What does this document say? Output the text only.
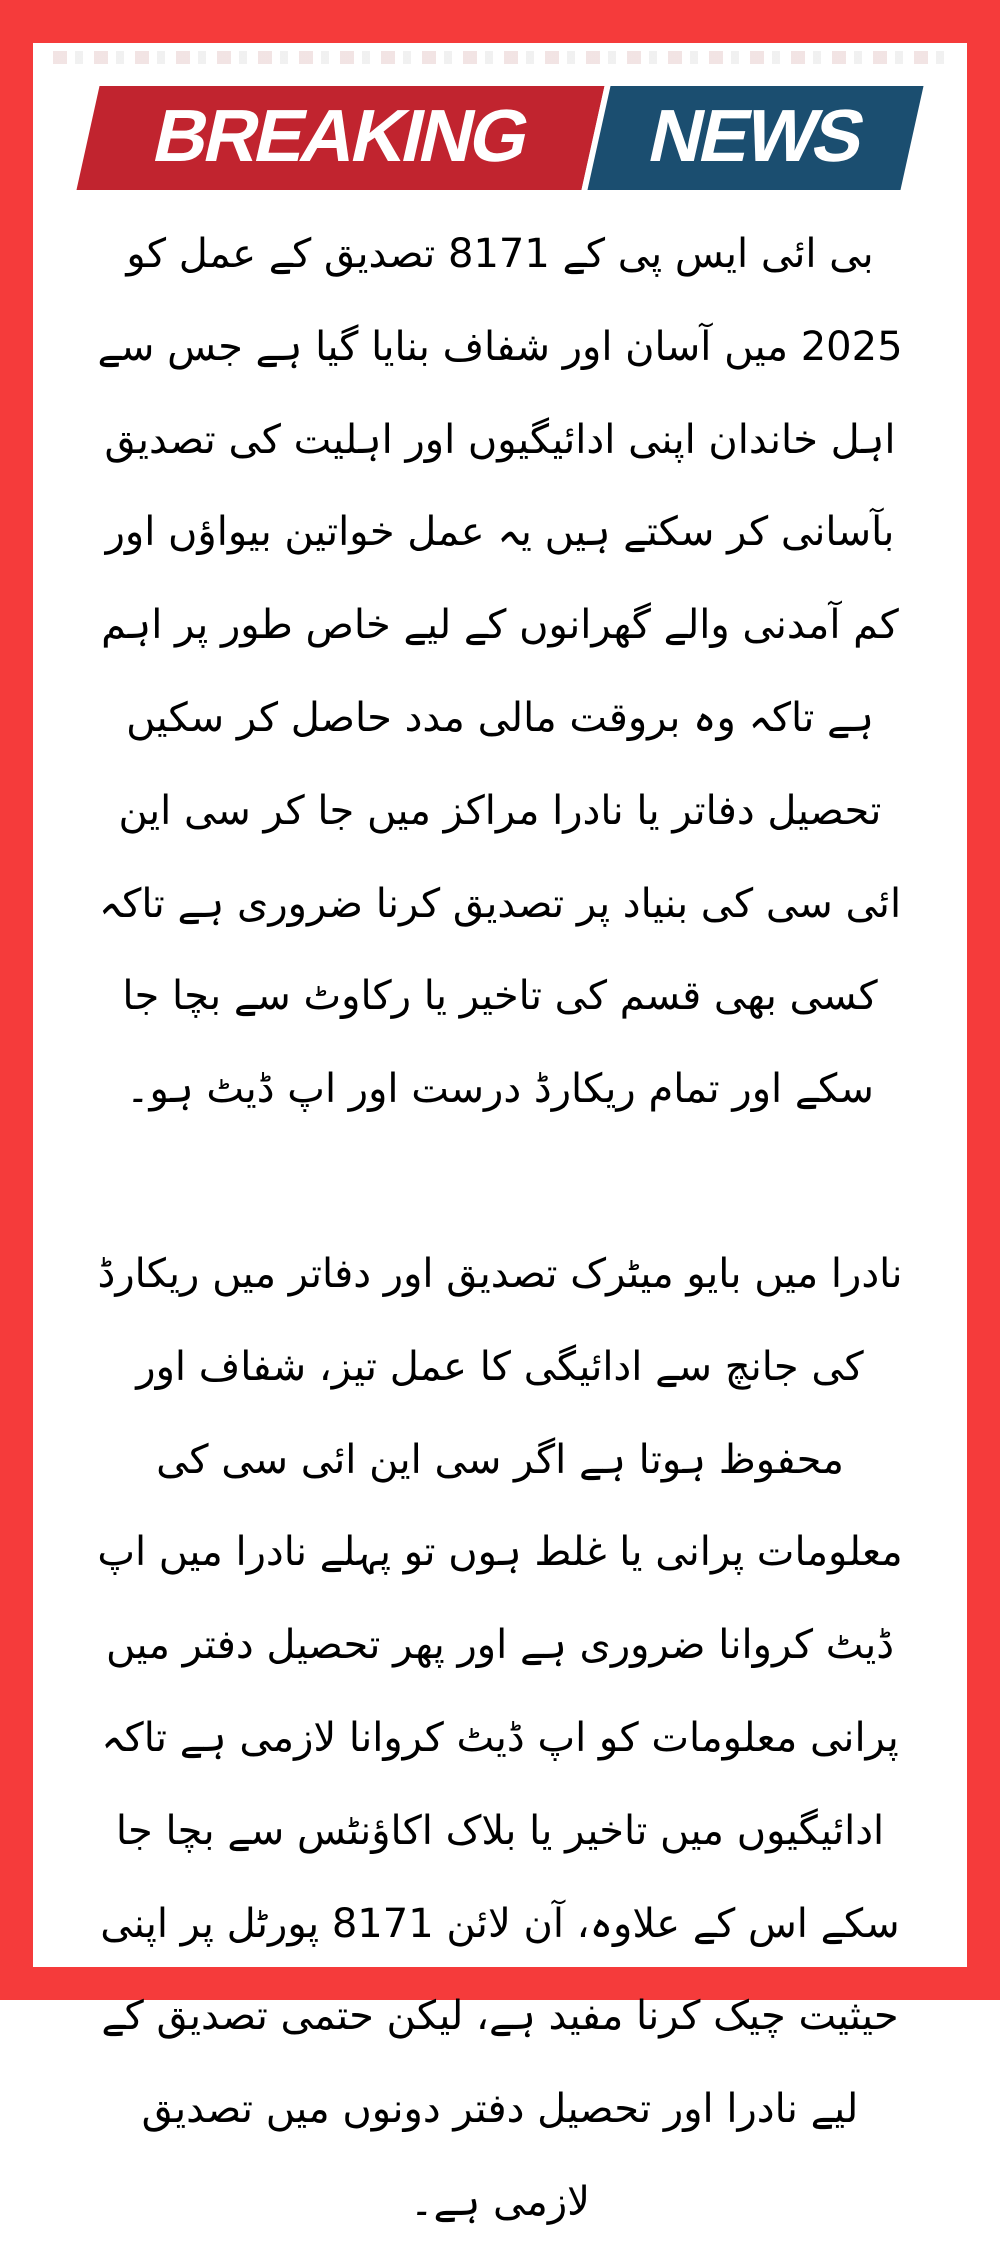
BREAKING NEWS

بی ائی ایس پی کے 8171 تصدیق کے عمل کو 2025 میں آسان اور شفاف بنایا گیا ہے جس سے اہل خاندان اپنی ادائیگیوں اور اہلیت کی تصدیق بآسانی کر سکتے ہیں یہ عمل خواتین بیواؤں اور کم آمدنی والے گھرانوں کے لیے خاص طور پر اہم ہے تاکہ وہ بروقت مالی مدد حاصل کر سکیں تحصیل دفاتر یا نادرا مراکز میں جا کر سی این ائی سی کی بنیاد پر تصدیق کرنا ضروری ہے تاکہ کسی بھی قسم کی تاخیر یا رکاوٹ سے بچا جا سکے اور تمام ریکارڈ درست اور اپ ڈیٹ ہو۔

نادرا میں بایو میٹرک تصدیق اور دفاتر میں ریکارڈ کی جانچ سے ادائیگی کا عمل تیز، شفاف اور محفوظ ہوتا ہے اگر سی این ائی سی کی معلومات پرانی یا غلط ہوں تو پہلے نادرا میں اپ ڈیٹ کروانا ضروری ہے اور پھر تحصیل دفتر میں پرانی معلومات کو اپ ڈیٹ کروانا لازمی ہے تاکہ ادائیگیوں میں تاخیر یا بلاک اکاؤنٹس سے بچا جا سکے اس کے علاوہ، آن لائن 8171 پورٹل پر اپنی حیثیت چیک کرنا مفید ہے، لیکن حتمی تصدیق کے لیے نادرا اور تحصیل دفتر دونوں میں تصدیق لازمی ہے۔
